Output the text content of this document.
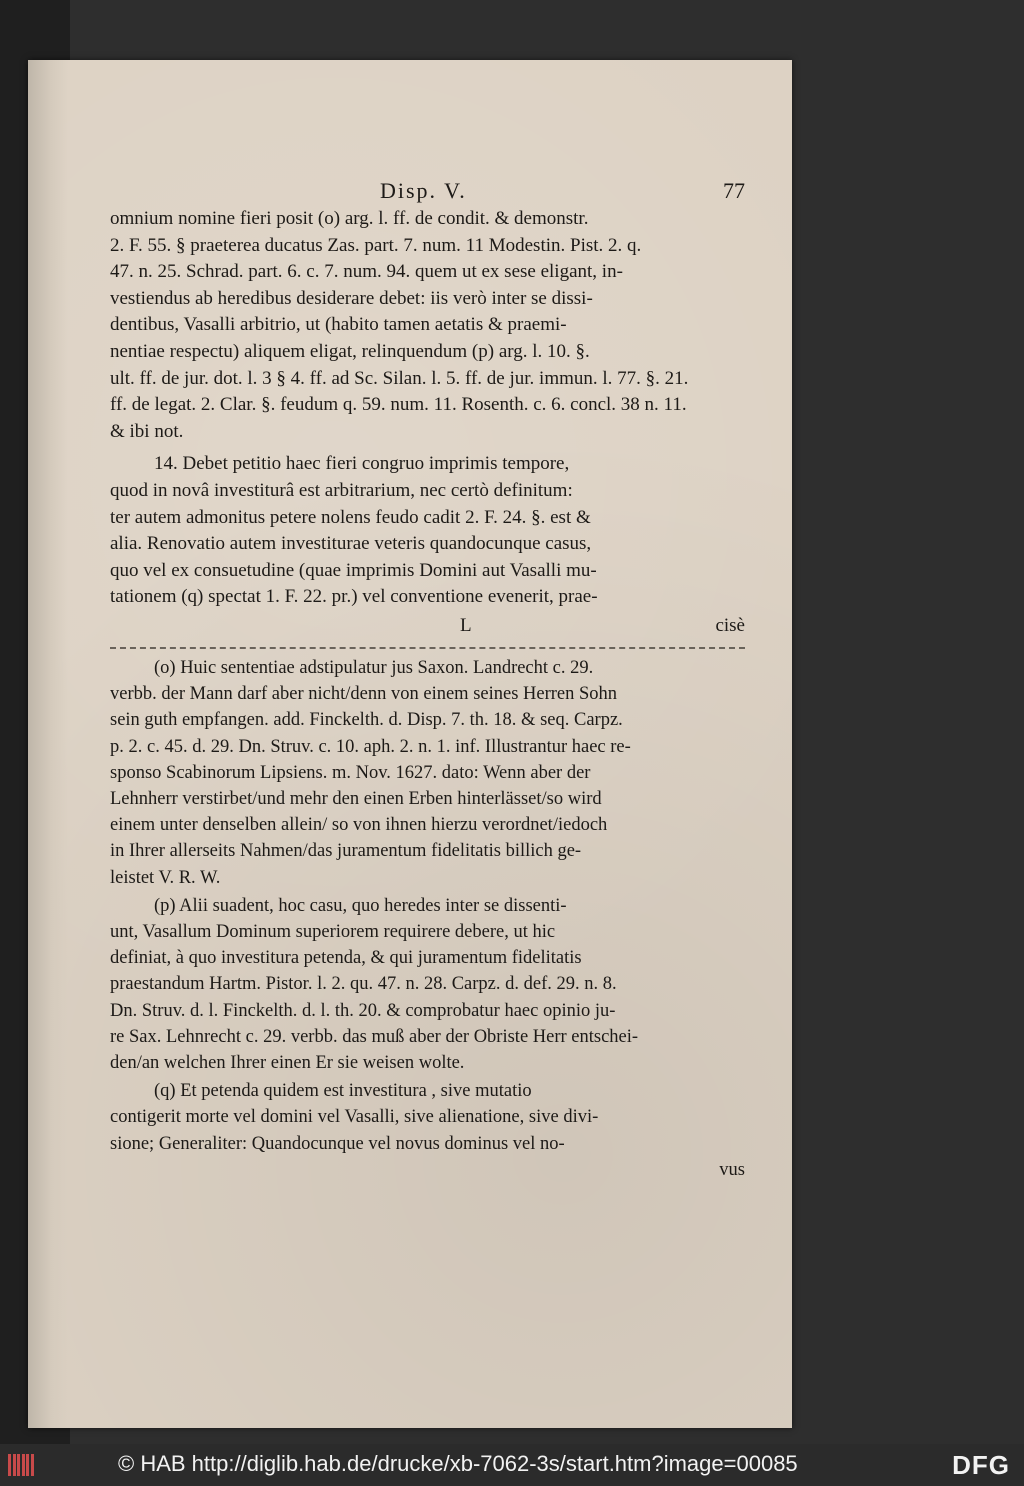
Disp. V.	77
omnium nomine fieri posit (o) arg. l. ff. de condit. & demonstr.
2. F. 55. § praeterea ducatus Zas. part. 7. num. 11 Modestin. Pist. 2. q.
47. n. 25. Schrad. part. 6. c. 7. num. 94. quem ut ex sese eligant, in-
vestiendus ab heredibus desiderare debet: iis verò inter se dissi-
dentibus, Vasalli arbitrio, ut (habito tamen aetatis & praemi-
nentiae respectu) aliquem eligat, relinquendum (p) arg. l. 10. §.
ult. ff. de jur. dot. l. 3 § 4. ff. ad Sc. Silan. l. 5. ff. de jur. immun. l. 77. §. 21.
ff. de legat. 2. Clar. §. feudum q. 59. num. 11. Rosenth. c. 6. concl. 38 n. 11.
& ibi not.
14. Debet petitio haec fieri congruo imprimis tempore,
quod in novâ investiturâ est arbitrarium, nec certò definitum:
ter autem admonitus petere nolens feudo cadit 2. F. 24. §. est &
alia. Renovatio autem investiturae veteris quandocunque casus,
quo vel ex consuetudine (quae imprimis Domini aut Vasalli mu-
tationem (q) spectat 1. F. 22. pr.) vel conventione evenerit, prae-
L	cisè
(o) Huic sententiae adstipulatur jus Saxon. Landrecht c. 29.
verbb. der Mann darf aber nicht/denn von einem seines Herren Sohn
sein guth empfangen. add. Finckelth. d. Disp. 7. th. 18. & seq. Carpz.
p. 2. c. 45. d. 29. Dn. Struv. c. 10. aph. 2. n. 1. inf. Illustrantur haec re-
sponso Scabinorum Lipsiens. m. Nov. 1627. dato: Wenn aber der
Lehnherr verstirbet/und mehr den einen Erben hinterlässet/so wird
einem unter denselben allein/ so von ihnen hierzu verordnet/iedoch
in Ihrer allerseits Nahmen/das juramentum fidelitatis billich ge-
leistet V. R. W.
(p) Alii suadent, hoc casu, quo heredes inter se dissenti-
unt, Vasallum Dominum superiorem requirere debere, ut hic
definiat, à quo investitura petenda, & qui juramentum fidelitatis
praestandum Hartm. Pistor. l. 2. qu. 47. n. 28. Carpz. d. def. 29. n. 8.
Dn. Struv. d. l. Finckelth. d. l. th. 20. & comprobatur haec opinio ju-
re Sax. Lehnrecht c. 29. verbb. das muß aber der Obriste Herr entschei-
den/an welchen Ihrer einen Er sie weisen wolte.
(q) Et petenda quidem est investitura , sive mutatio
contigerit morte vel domini vel Vasalli, sive alienatione, sive divi-
sione; Generaliter: Quandocunque vel novus dominus vel no-
vus
© HAB http://diglib.hab.de/drucke/xb-7062-3s/start.htm?image=00085	DFG
